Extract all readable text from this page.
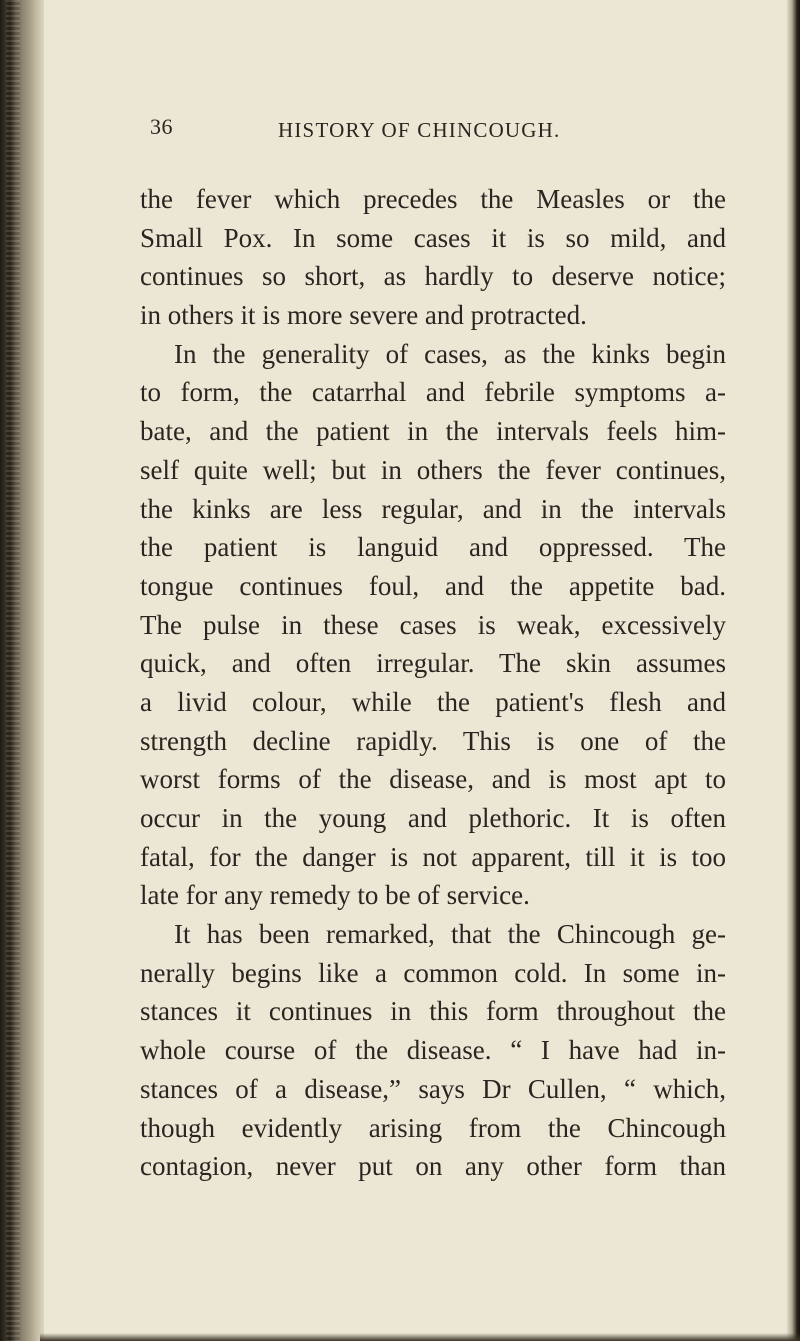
36	HISTORY OF CHINCOUGH.
the fever which precedes the Measles or the
Small Pox. In some cases it is so mild, and
continues so short, as hardly to deserve notice;
in others it is more severe and protracted.
In the generality of cases, as the kinks begin
to form, the catarrhal and febrile symptoms a-
bate, and the patient in the intervals feels him-
self quite well; but in others the fever continues,
the kinks are less regular, and in the intervals
the patient is languid and oppressed. The
tongue continues foul, and the appetite bad.
The pulse in these cases is weak, excessively
quick, and often irregular. The skin assumes
a livid colour, while the patient's flesh and
strength decline rapidly. This is one of the
worst forms of the disease, and is most apt to
occur in the young and plethoric. It is often
fatal, for the danger is not apparent, till it is too
late for any remedy to be of service.
It has been remarked, that the Chincough ge-
nerally begins like a common cold. In some in-
stances it continues in this form throughout the
whole course of the disease. “ I have had in-
stances of a disease,” says Dr Cullen, “ which,
though evidently arising from the Chincough
contagion, never put on any other form than
